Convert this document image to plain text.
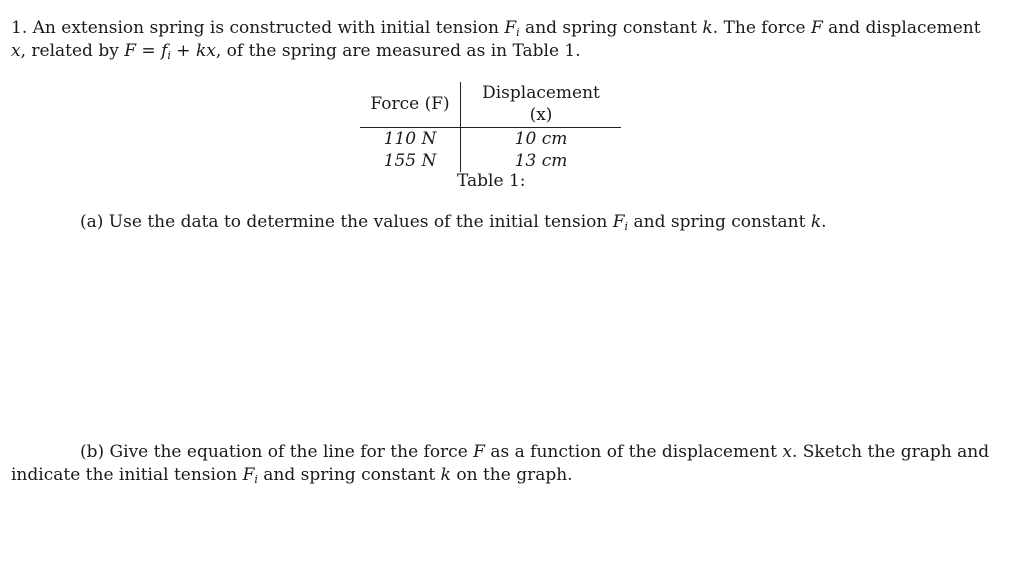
1. An extension spring is constructed with initial tension $F_i$ and spring constant k. The force F and displacement
x, related by $F = f_i$ + kx, of the spring are measured as in Table 1.
Force (F)	Displacement (x)
110 N	10 cm
155 N	13 cm
Table 1:
(a) Use the data to determine the values of the initial tension $F_i$ and spring constant k.
(b) Give the equation of the line for the force F as a function of the displacement x. Sketch the graph and
indicate the initial tension $F_i$ and spring constant k on the graph.
